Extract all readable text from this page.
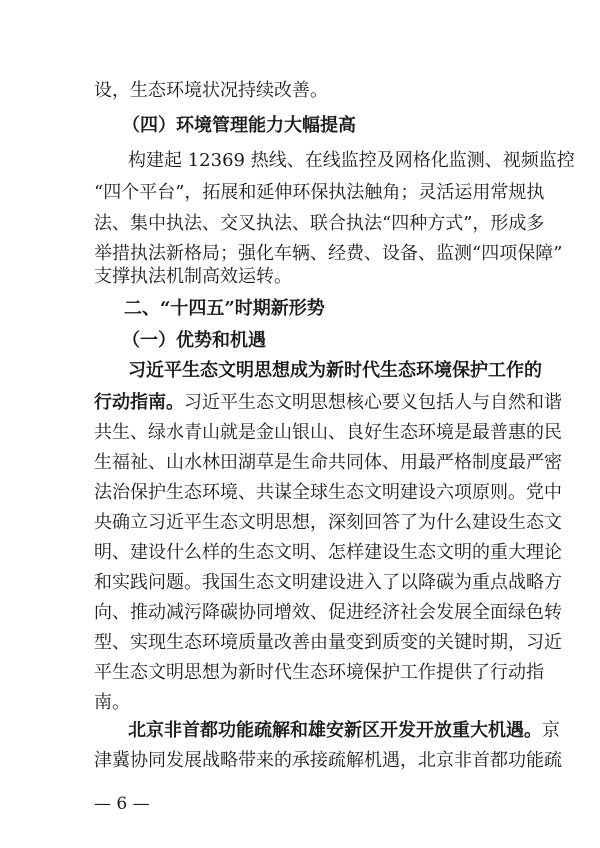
设，生态环境状况持续改善。
（四）环境管理能力大幅提高
构建起 12369 热线、在线监控及网格化监测、视频监控
“四个平台”，拓展和延伸环保执法触角；灵活运用常规执
法、集中执法、交叉执法、联合执法“四种方式”，形成多
举措执法新格局；强化车辆、经费、设备、监测“四项保障”
支撑执法机制高效运转。
二、“十四五”时期新形势
（一）优势和机遇
习近平生态文明思想成为新时代生态环境保护工作的
行动指南。习近平生态文明思想核心要义包括人与自然和谐
共生、绿水青山就是金山银山、良好生态环境是最普惠的民
生福祉、山水林田湖草是生命共同体、用最严格制度最严密
法治保护生态环境、共谋全球生态文明建设六项原则。党中
央确立习近平生态文明思想，深刻回答了为什么建设生态文
明、建设什么样的生态文明、怎样建设生态文明的重大理论
和实践问题。我国生态文明建设进入了以降碳为重点战略方
向、推动减污降碳协同增效、促进经济社会发展全面绿色转
型、实现生态环境质量改善由量变到质变的关键时期，习近
平生态文明思想为新时代生态环境保护工作提供了行动指
南。
北京非首都功能疏解和雄安新区开发开放重大机遇。京
津冀协同发展战略带来的承接疏解机遇，北京非首都功能疏
— 6 —
